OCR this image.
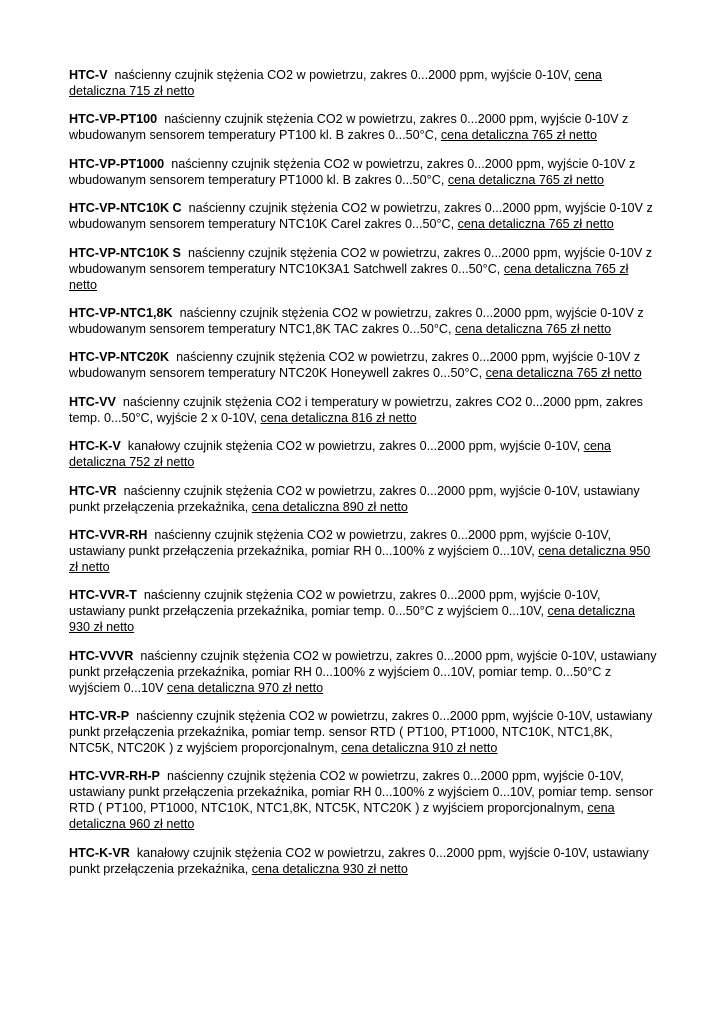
HTC-V naścienny czujnik stężenia CO2 w powietrzu, zakres 0...2000 ppm, wyjście 0-10V, cena detaliczna 715 zł netto

HTC-VP-PT100 naścienny czujnik stężenia CO2 w powietrzu, zakres 0...2000 ppm, wyjście 0-10V z wbudowanym sensorem temperatury PT100 kl. B zakres 0...50°C, cena detaliczna 765 zł netto

HTC-VP-PT1000 naścienny czujnik stężenia CO2 w powietrzu, zakres 0...2000 ppm, wyjście 0-10V z wbudowanym sensorem temperatury PT1000 kl. B zakres 0...50°C, cena detaliczna 765 zł netto

HTC-VP-NTC10K C naścienny czujnik stężenia CO2 w powietrzu, zakres 0...2000 ppm, wyjście 0-10V z wbudowanym sensorem temperatury NTC10K Carel zakres 0...50°C, cena detaliczna 765 zł netto

HTC-VP-NTC10K S naścienny czujnik stężenia CO2 w powietrzu, zakres 0...2000 ppm, wyjście 0-10V z wbudowanym sensorem temperatury NTC10K3A1 Satchwell zakres 0...50°C, cena detaliczna 765 zł netto

HTC-VP-NTC1,8K naścienny czujnik stężenia CO2 w powietrzu, zakres 0...2000 ppm, wyjście 0-10V z wbudowanym sensorem temperatury NTC1,8K TAC zakres 0...50°C, cena detaliczna 765 zł netto

HTC-VP-NTC20K naścienny czujnik stężenia CO2 w powietrzu, zakres 0...2000 ppm, wyjście 0-10V z wbudowanym sensorem temperatury NTC20K Honeywell zakres 0...50°C, cena detaliczna 765 zł netto

HTC-VV naścienny czujnik stężenia CO2 i temperatury w powietrzu, zakres CO2 0...2000 ppm, zakres temp. 0...50°C, wyjście 2 x 0-10V, cena detaliczna 816 zł netto

HTC-K-V kanałowy czujnik stężenia CO2 w powietrzu, zakres 0...2000 ppm, wyjście 0-10V, cena detaliczna 752 zł netto

HTC-VR naścienny czujnik stężenia CO2 w powietrzu, zakres 0...2000 ppm, wyjście 0-10V, ustawiany punkt przełączenia przekaźnika, cena detaliczna 890 zł netto

HTC-VVR-RH naścienny czujnik stężenia CO2 w powietrzu, zakres 0...2000 ppm, wyjście 0-10V, ustawiany punkt przełączenia przekaźnika, pomiar RH 0...100% z wyjściem 0...10V, cena detaliczna 950 zł netto

HTC-VVR-T naścienny czujnik stężenia CO2 w powietrzu, zakres 0...2000 ppm, wyjście 0-10V, ustawiany punkt przełączenia przekaźnika, pomiar temp. 0...50°C z wyjściem 0...10V, cena detaliczna 930 zł netto

HTC-VVVR naścienny czujnik stężenia CO2 w powietrzu, zakres 0...2000 ppm, wyjście 0-10V, ustawiany punkt przełączenia przekaźnika, pomiar RH 0...100% z wyjściem 0...10V, pomiar temp. 0...50°C z wyjściem 0...10V cena detaliczna 970 zł netto

HTC-VR-P naścienny czujnik stężenia CO2 w powietrzu, zakres 0...2000 ppm, wyjście 0-10V, ustawiany punkt przełączenia przekaźnika, pomiar temp. sensor RTD ( PT100, PT1000, NTC10K, NTC1,8K, NTC5K, NTC20K ) z wyjściem proporcjonalnym, cena detaliczna 910 zł netto

HTC-VVR-RH-P naścienny czujnik stężenia CO2 w powietrzu, zakres 0...2000 ppm, wyjście 0-10V, ustawiany punkt przełączenia przekaźnika, pomiar RH 0...100% z wyjściem 0...10V, pomiar temp. sensor RTD ( PT100, PT1000, NTC10K, NTC1,8K, NTC5K, NTC20K ) z wyjściem proporcjonalnym, cena detaliczna 960 zł netto

HTC-K-VR kanałowy czujnik stężenia CO2 w powietrzu, zakres 0...2000 ppm, wyjście 0-10V, ustawiany punkt przełączenia przekaźnika, cena detaliczna 930 zł netto
